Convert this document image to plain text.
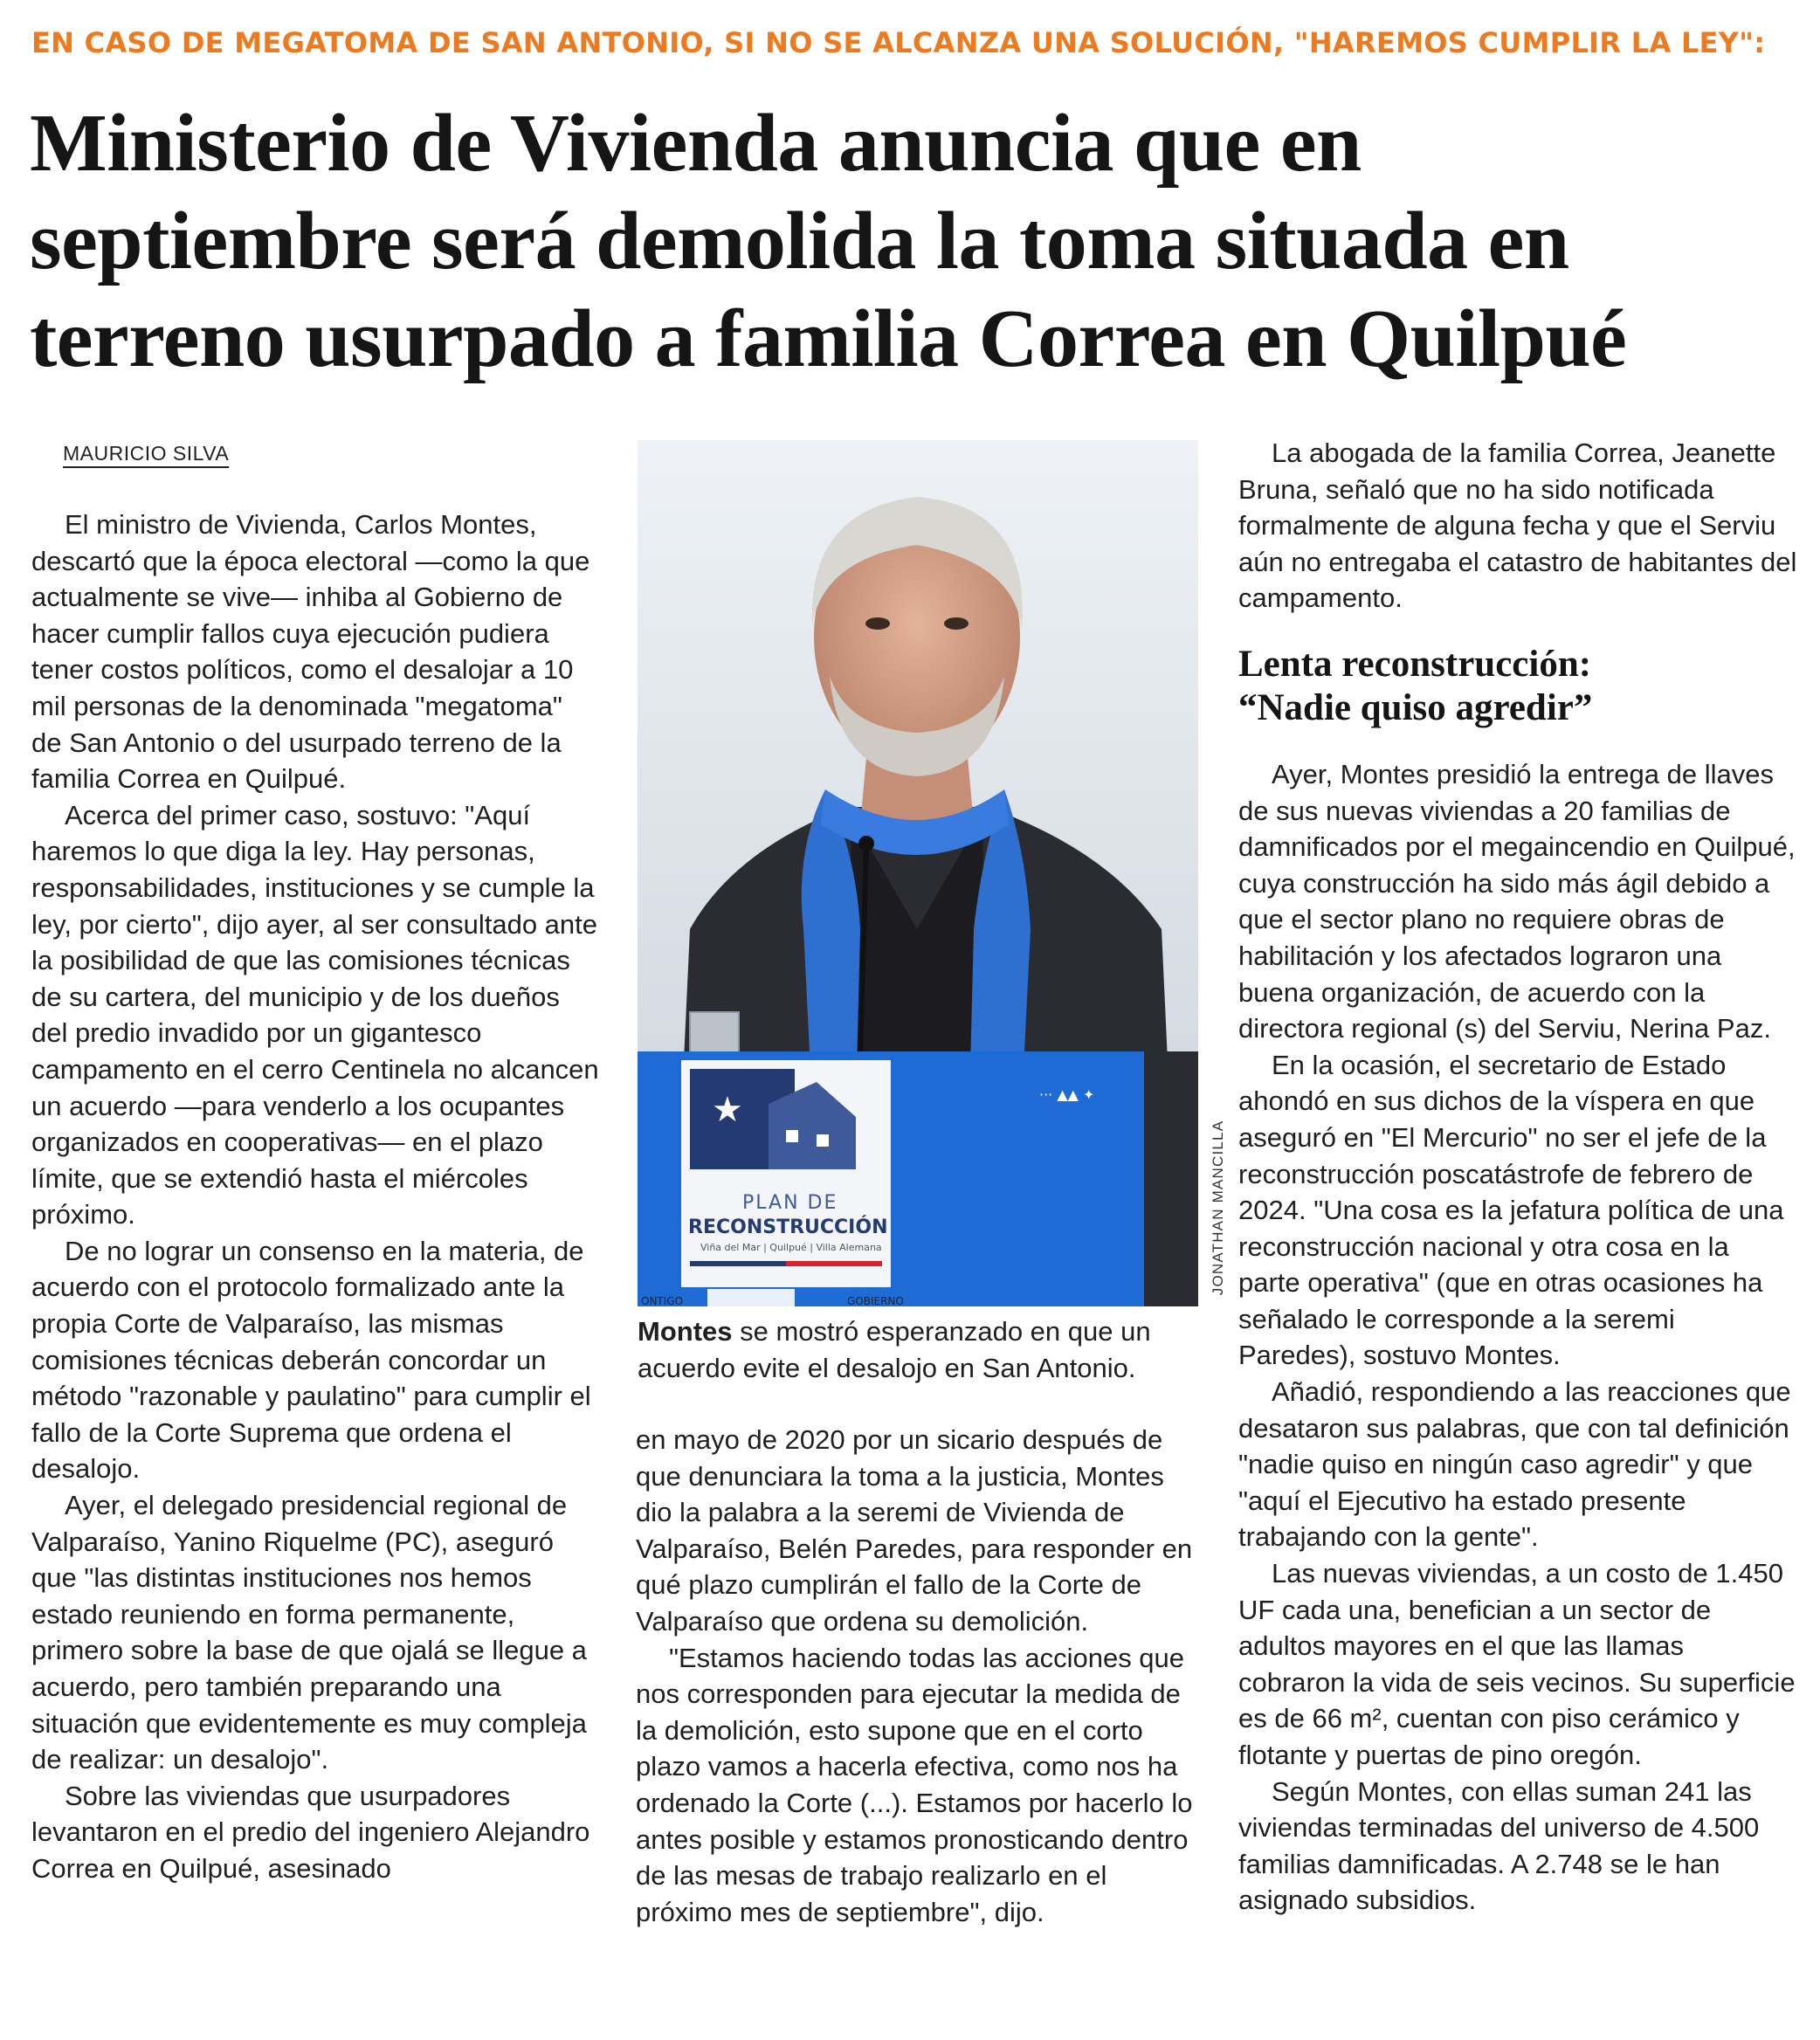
EN CASO DE MEGATOMA DE SAN ANTONIO, SI NO SE ALCANZA UNA SOLUCIÓN, "HAREMOS CUMPLIR LA LEY":
Ministerio de Vivienda anuncia que en
septiembre será demolida la toma situada en
terreno usurpado a familia Correa en Quilpué
MAURICIO SILVA

El ministro de Vivienda, Carlos Montes, descartó que la época electoral —como la que actualmente se vive— inhiba al Gobierno de hacer cumplir fallos cuya ejecución pudiera tener costos políticos, como el desalojar a 10 mil personas de la denominada "megatoma" de San Antonio o del usurpado terreno de la familia Correa en Quilpué.

Acerca del primer caso, sostuvo: "Aquí haremos lo que diga la ley. Hay personas, responsabilidades, instituciones y se cumple la ley, por cierto", dijo ayer, al ser consultado ante la posibilidad de que las comisiones técnicas de su cartera, del municipio y de los dueños del predio invadido por un gigantesco campamento en el cerro Centinela no alcancen un acuerdo —para venderlo a los ocupantes organizados en cooperativas— en el plazo límite, que se extendió hasta el miércoles próximo.

De no lograr un consenso en la materia, de acuerdo con el protocolo formalizado ante la propia Corte de Valparaíso, las mismas comisiones técnicas deberán concordar un método "razonable y paulatino" para cumplir el fallo de la Corte Suprema que ordena el desalojo.

Ayer, el delegado presidencial regional de Valparaíso, Yanino Riquelme (PC), aseguró que "las distintas instituciones nos hemos estado reuniendo en forma permanente, primero sobre la base de que ojalá se llegue a acuerdo, pero también preparando una situación que evidentemente es muy compleja de realizar: un desalojo".

Sobre las viviendas que usurpadores levantaron en el predio del ingeniero Alejandro Correa en Quilpué, asesinado

★
PLAN DE
RECONSTRUCCIÓN
Viña del Mar | Quilpué | Villa Alemana
··· ▲▲ ✦
ONTIGO	GOBIERNO
JONATHAN MANCILLA
Montes se mostró esperanzado en que un acuerdo evite el desalojo en San Antonio.

en mayo de 2020 por un sicario después de que denunciara la toma a la justicia, Montes dio la palabra a la seremi de Vivienda de Valparaíso, Belén Paredes, para responder en qué plazo cumplirán el fallo de la Corte de Valparaíso que ordena su demolición.

"Estamos haciendo todas las acciones que nos corresponden para ejecutar la medida de la demolición, esto supone que en el corto plazo vamos a hacerla efectiva, como nos ha ordenado la Corte (...). Estamos por hacerlo lo antes posible y estamos pronosticando dentro de las mesas de trabajo realizarlo en el próximo mes de septiembre", dijo.

La abogada de la familia Correa, Jeanette Bruna, señaló que no ha sido notificada formalmente de alguna fecha y que el Serviu aún no entregaba el catastro de habitantes del campamento.

Lenta reconstrucción:
“Nadie quiso agredir”

Ayer, Montes presidió la entrega de llaves de sus nuevas viviendas a 20 familias de damnificados por el megaincendio en Quilpué, cuya construcción ha sido más ágil debido a que el sector plano no requiere obras de habilitación y los afectados lograron una buena organización, de acuerdo con la directora regional (s) del Serviu, Nerina Paz.

En la ocasión, el secretario de Estado ahondó en sus dichos de la víspera en que aseguró en "El Mercurio" no ser el jefe de la reconstrucción poscatástrofe de febrero de 2024. "Una cosa es la jefatura política de una reconstrucción nacional y otra cosa en la parte operativa" (que en otras ocasiones ha señalado le corresponde a la seremi Paredes), sostuvo Montes.

Añadió, respondiendo a las reacciones que desataron sus palabras, que con tal definición "nadie quiso en ningún caso agredir" y que "aquí el Ejecutivo ha estado presente trabajando con la gente".

Las nuevas viviendas, a un costo de 1.450 UF cada una, benefician a un sector de adultos mayores en el que las llamas cobraron la vida de seis vecinos. Su superficie es de 66 m², cuentan con piso cerámico y flotante y puertas de pino oregón.

Según Montes, con ellas suman 241 las viviendas terminadas del universo de 4.500 familias damnificadas. A 2.748 se le han asignado subsidios.
